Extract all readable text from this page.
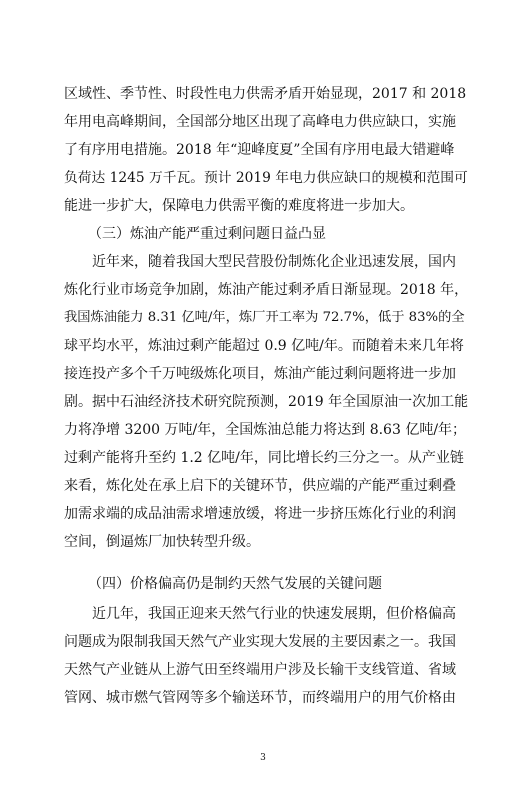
区域性、季节性、时段性电力供需矛盾开始显现，2017 和 2018
年用电高峰期间，全国部分地区出现了高峰电力供应缺口，实施
了有序用电措施。2018 年“迎峰度夏”全国有序用电最大错避峰
负荷达 1245 万千瓦。预计 2019 年电力供应缺口的规模和范围可
能进一步扩大，保障电力供需平衡的难度将进一步加大。
（三）炼油产能严重过剩问题日益凸显
近年来，随着我国大型民营股份制炼化企业迅速发展，国内
炼化行业市场竞争加剧，炼油产能过剩矛盾日渐显现。2018 年，
我国炼油能力 8.31 亿吨/年，炼厂开工率为 72.7%，低于 83%的全
球平均水平，炼油过剩产能超过 0.9 亿吨/年。而随着未来几年将
接连投产多个千万吨级炼化项目，炼油产能过剩问题将进一步加
剧。据中石油经济技术研究院预测，2019 年全国原油一次加工能
力将净增 3200 万吨/年，全国炼油总能力将达到 8.63 亿吨/年；
过剩产能将升至约 1.2 亿吨/年，同比增长约三分之一。从产业链
来看，炼化处在承上启下的关键环节，供应端的产能严重过剩叠
加需求端的成品油需求增速放缓，将进一步挤压炼化行业的利润
空间，倒逼炼厂加快转型升级。
（四）价格偏高仍是制约天然气发展的关键问题
近几年，我国正迎来天然气行业的快速发展期，但价格偏高
问题成为限制我国天然气产业实现大发展的主要因素之一。我国
天然气产业链从上游气田至终端用户涉及长输干支线管道、省域
管网、城市燃气管网等多个输送环节，而终端用户的用气价格由
3
